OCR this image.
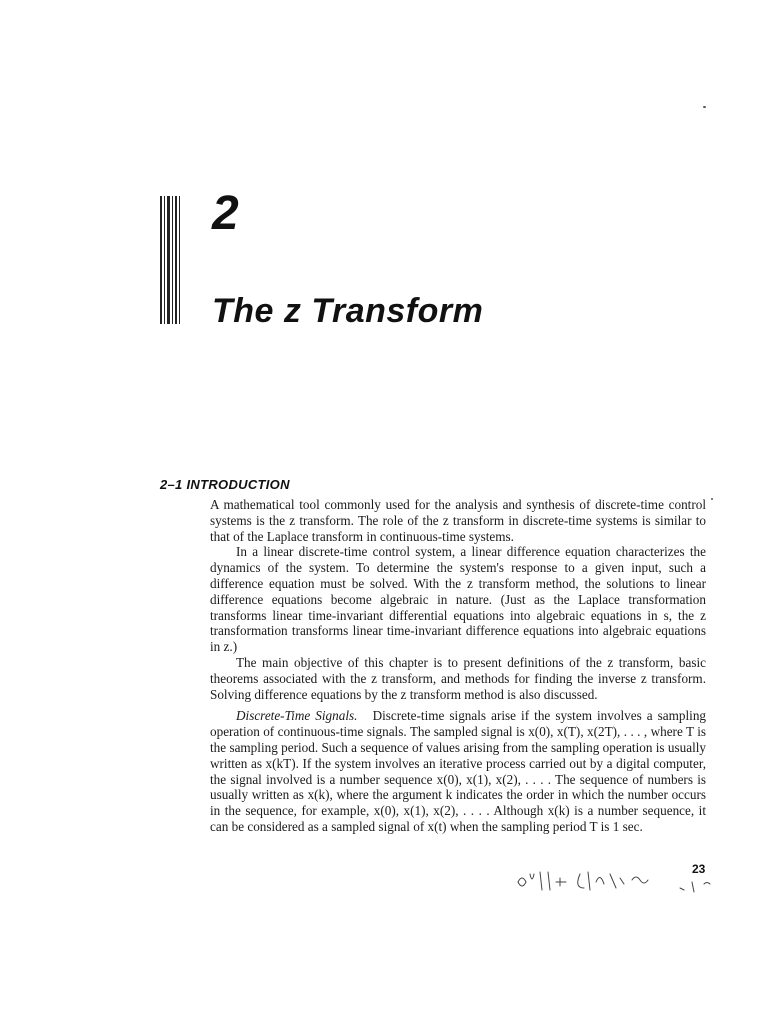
2
The z Transform
2–1 INTRODUCTION

A mathematical tool commonly used for the analysis and synthesis of discrete-time control systems is the z transform. The role of the z transform in discrete-time systems is similar to that of the Laplace transform in continuous-time systems.

In a linear discrete-time control system, a linear difference equation characterizes the dynamics of the system. To determine the system's response to a given input, such a difference equation must be solved. With the z transform method, the solutions to linear difference equations become algebraic in nature. (Just as the Laplace transformation transforms linear time-invariant differential equations into algebraic equations in s, the z transformation transforms linear time-invariant difference equations into algebraic equations in z.)

The main objective of this chapter is to present definitions of the z transform, basic theorems associated with the z transform, and methods for finding the inverse z transform. Solving difference equations by the z transform method is also discussed.

Discrete-Time Signals. Discrete-time signals arise if the system involves a sampling operation of continuous-time signals. The sampled signal is x(0), x(T), x(2T), . . . , where T is the sampling period. Such a sequence of values arising from the sampling operation is usually written as x(kT). If the system involves an iterative process carried out by a digital computer, the signal involved is a number sequence x(0), x(1), x(2), . . . . The sequence of numbers is usually written as x(k), where the argument k indicates the order in which the number occurs in the sequence, for example, x(0), x(1), x(2), . . . . Although x(k) is a number sequence, it can be considered as a sampled signal of x(t) when the sampling period T is 1 sec.

23
